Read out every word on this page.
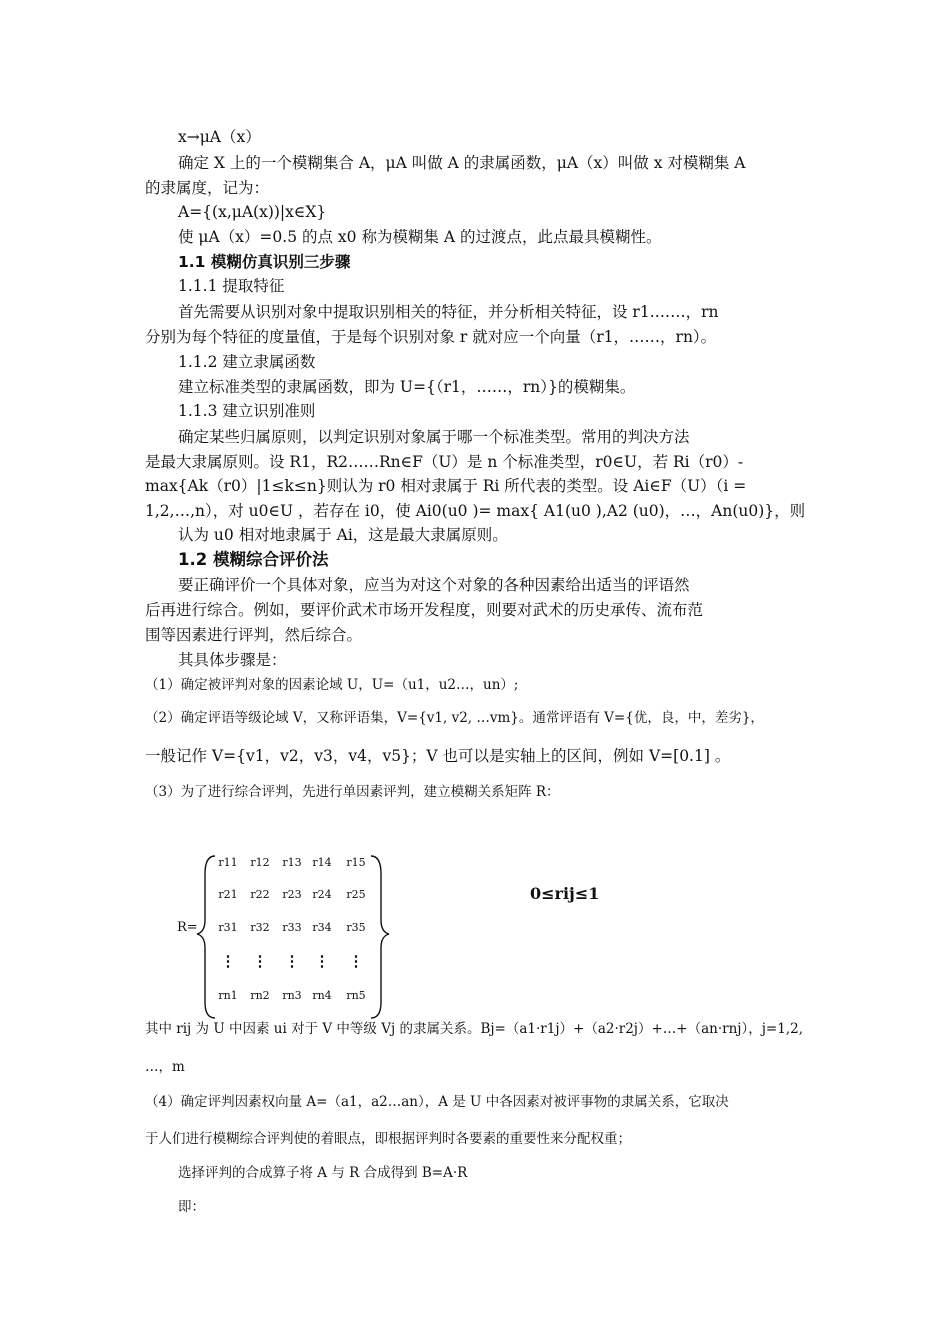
x→μA（x）
确定 X 上的一个模糊集合 A，μA 叫做 A 的隶属函数，μA（x）叫做 x 对模糊集 A
的隶属度，记为：
A={(x,μA(x))|x∈X}
使 μA（x）=0.5 的点 x0 称为模糊集 A 的过渡点，此点最具模糊性。
1.1 模糊仿真识别三步骤
1.1.1 提取特征
首先需要从识别对象中提取识别相关的特征，并分析相关特征，设 r1.……，rn
分别为每个特征的度量值，于是每个识别对象 r 就对应一个向量（r1，……，rn）。
1.1.2 建立隶属函数
建立标准类型的隶属函数，即为 U={（r1，……，rn）}的模糊集。
1.1.3 建立识别准则
确定某些归属原则，以判定识别对象属于哪一个标准类型。常用的判决方法
是最大隶属原则。设 R1，R2……Rn∈F（U）是 n 个标准类型，r0∈U，若 Ri（r0）-
max{Ak（r0）|1≤k≤n}则认为 r0 相对隶属于 Ri 所代表的类型。设 Ai∈F（U）（i =
1,2,…,n），对 u0∈U ，若存在 i0，使 Ai0(u0 )= max{ A1(u0 ),A2 (u0)，…，An(u0)}，则
认为 u0 相对地隶属于 Ai，这是最大隶属原则。
1.2 模糊综合评价法
要正确评价一个具体对象，应当为对这个对象的各种因素给出适当的评语然
后再进行综合。例如，要评价武术市场开发程度，则要对武术的历史承传、流布范
围等因素进行评判，然后综合。
其具体步骤是：
（1）确定被评判对象的因素论域 U，U=（u1，u2…，un）;
（2）确定评语等级论域 V，又称评语集，V={v1, v2, …vm}。通常评语有 V={优，良，中，差劣}，
一般记作 V={v1，v2，v3，v4，v5}；V 也可以是实轴上的区间，例如 V=[0.1] 。
（3）为了进行综合评判，先进行单因素评判，建立模糊关系矩阵 R：
R=
r11	r12	r13 r14	r15
r21	r22	r23 r24	r25
r31	r32	r33 r34	r35
⋮	⋮	⋮	⋮	⋮
rn1	rn2	rn3 rn4	rn5
0≤rij≤1
其中 rij 为 U 中因素 ui 对于 V 中等级 Vj 的隶属关系。Bj=（a1·r1j）+（a2·r2j）+…+（an·rnj），j=1,2,
…，m
（4）确定评判因素权向量 A=（a1，a2…an），A 是 U 中各因素对被评事物的隶属关系，它取决
于人们进行模糊综合评判使的着眼点，即根据评判时各要素的重要性来分配权重；
选择评判的合成算子将 A 与 R 合成得到 B=A·R
即：
